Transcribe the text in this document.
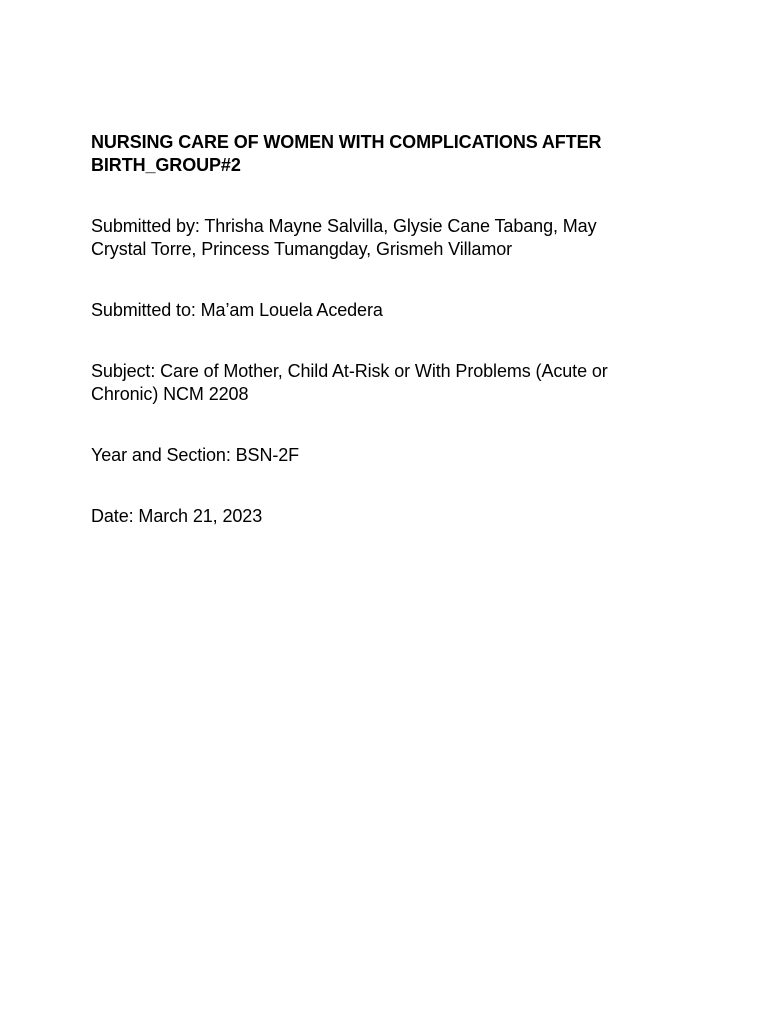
NURSING CARE OF WOMEN WITH COMPLICATIONS AFTER
BIRTH_GROUP#2

Submitted by: Thrisha Mayne Salvilla, Glysie Cane Tabang, May
Crystal Torre, Princess Tumangday, Grismeh Villamor

Submitted to: Ma’am Louela Acedera

Subject: Care of Mother, Child At-Risk or With Problems (Acute or
Chronic) NCM 2208

Year and Section: BSN-2F

Date: March 21, 2023
